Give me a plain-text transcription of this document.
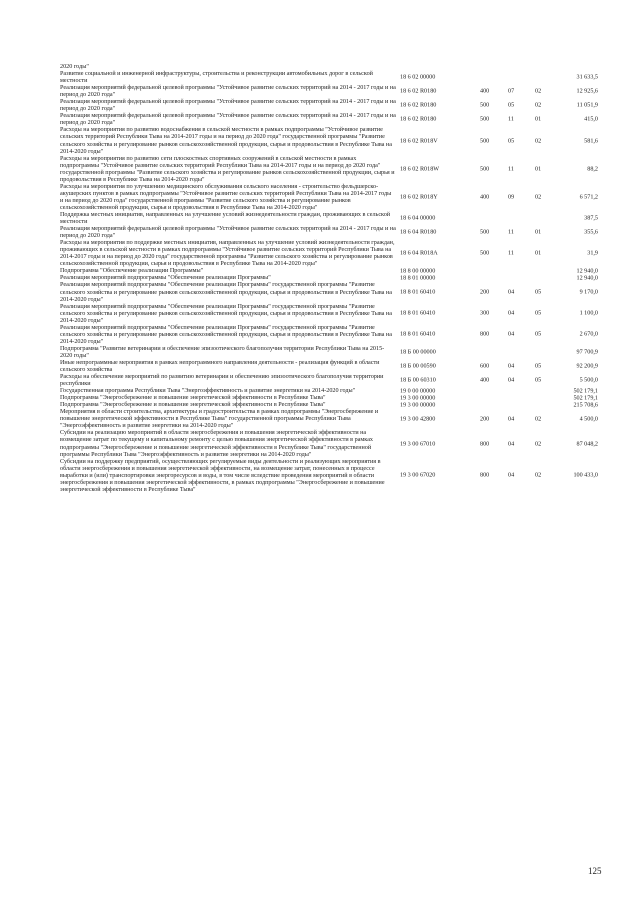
2020 годы"
Развитие социальной и инженерной инфраструктуры, строительства и реконструкции автомобильных дорог в сельской местности
18 6 02 00000	31 633,5
Реализация мероприятий федеральной целевой программы "Устойчивое развитие сельских территорий на 2014 - 2017 годы и на период до 2020 года"
18 6 02 R0180	400	07	02	12 925,6
Реализация мероприятий федеральной целевой программы "Устойчивое развитие сельских территорий на 2014 - 2017 годы и на период до 2020 года"
18 6 02 R0180	500	05	02	11 051,9
Реализация мероприятий федеральной целевой программы "Устойчивое развитие сельских территорий на 2014 - 2017 годы и на период до 2020 года"
18 6 02 R0180	500	11	01	415,0
Расходы на мероприятия по развитию водоснабжения в сельской местности в рамках подпрограммы "Устойчивое развитие сельских территорий Республики Тыва на 2014-2017 годы и на период до 2020 года" государственной программы "Развитие сельского хозяйства и регулирование рынков сельскохозяйственной продукции, сырья и продовольствия в Республике Тыва на 2014-2020 годы"
18 6 02 R018V	500	05	02	581,6
Расходы на мероприятия по развитию сети плоскостных спортивных сооружений в сельской местности в рамках подпрограммы "Устойчивое развитие сельских территорий Республики Тыва на 2014-2017 годы и на период до 2020 года" государственной программы "Развитие сельского хозяйства и регулирование рынков сельскохозяйственной продукции, сырья и продовольствия в Республике Тыва на 2014-2020 годы"
18 6 02 R018W	500	11	01	88,2
Расходы на мероприятия по улучшению медицинского обслуживания сельского населения - строительство фельдшерско-акушерских пунктов в рамках подпрограммы "Устойчивое развитие сельских территорий Республики Тыва на 2014-2017 годы и на период до 2020 года" государственной программы "Развитие сельского хозяйства и регулирование рынков сельскохозяйственной продукции, сырья и продовольствия в Республике Тыва на 2014-2020 годы"
18 6 02 R018Y	400	09	02	6 571,2
Поддержка местных инициатив, направленных на улучшение условий жизнедеятельности граждан, проживающих в сельской местности
18 6 04 00000	387,5
Реализация мероприятий федеральной целевой программы "Устойчивое развитие сельских территорий на 2014 - 2017 годы и на период до 2020 года"
18 6 04 R0180	500	11	01	355,6
Расходы на мероприятия по поддержке местных инициатив, направленных на улучшение условий жизнедеятельности граждан, проживающих в сельской местности в рамках подпрограммы "Устойчивое развитие сельских территорий Республики Тыва на 2014-2017 годы и на период до 2020 года" государственной программы "Развитие сельского хозяйства и регулирование рынков сельскохозяйственной продукции, сырья и продовольствия в Республике Тыва на 2014-2020 годы"
18 6 04 R018A	500	11	01	31,9
Подпрограмма "Обеспечение реализации Программы"	18 8 00 00000	12 940,0
Реализация мероприятий подпрограммы "Обеспечение реализации Программы"	18 8 01 00000	12 940,0
Реализация мероприятий подпрограммы "Обеспечение реализации Программы" государственной программы "Развитие сельского хозяйства и регулирование рынков сельскохозяйственной продукции, сырья и продовольствия в Республике Тыва на 2014-2020 годы"
18 8 01 60410	200	04	05	9 170,0
Реализация мероприятий подпрограммы "Обеспечение реализации Программы" государственной программы "Развитие сельского хозяйства и регулирование рынков сельскохозяйственной продукции, сырья и продовольствия в Республике Тыва на 2014-2020 годы"
18 8 01 60410	300	04	05	1 100,0
Реализация мероприятий подпрограммы "Обеспечение реализации Программы" государственной программы "Развитие сельского хозяйства и регулирование рынков сельскохозяйственной продукции, сырья и продовольствия в Республике Тыва на 2014-2020 годы"
18 8 01 60410	800	04	05	2 670,0
Подпрограмма "Развитие ветеринарии и обеспечение эпизоотического благополучия территории Республики Тыва на 2015-2020 годы"
18 Б 00 00000	97 700,9
Иные непрограммные мероприятия в рамках непрограммного направления деятельности - реализация функций в области сельского хозяйства
18 Б 00 00590	600	04	05	92 200,9
Расходы на обеспечение мероприятий по развитию ветеринарии и обеспечению эпизоотического благополучия территории республики
18 Б 00 60310	400	04	05	5 500,0
Государственная программа Республики Тыва "Энергоэффективность и развитие энергетики на 2014-2020 годы"	19 0 00 00000	502 179,1
Подпрограмма "Энергосбережение и повышение энергетической эффективности в Республике Тыва"	19 3 00 00000	502 179,1
Подпрограмма "Энергосбережение и повышение энергетической эффективности в Республике Тыва"	19 3 00 00000	215 708,6
Мероприятия в области строительства, архитектуры и градостроительства в рамках подпрограммы "Энергосбережение и повышение энергетической эффективности в Республике Тыва" государственной программы Республики Тыва "Энергоэффективность и развитие энергетики на 2014-2020 годы"
19 3 00 42800	200	04	02	4 500,0
Субсидии на реализацию мероприятий в области энергосбережения и повышения энергетической эффективности на возмещение затрат по текущему и капитальному ремонту с целью повышения энергетической эффективности в рамках подпрограммы "Энергосбережение и повышение энергетической эффективности в Республике Тыва" государственной программы Республики Тыва "Энергоэффективность и развитие энергетики на 2014-2020 годы"
19 3 00 67010	800	04	02	87 048,2
Субсидии на поддержку предприятий, осуществляющих регулируемые виды деятельности и реализующих мероприятия в области энергосбережения и повышения энергетической эффективности, на возмещение затрат, понесенных в процессе выработки и (или) транспортировки энергоресурсов и воды, в том числе вследствие проведения мероприятий в области энергосбережения и повышения энергетической эффективности, в рамках подпрограммы "Энергосбережение и повышение энергетической эффективности в Республике Тыва"
19 3 00 67020	800	04	02	100 433,0
125
